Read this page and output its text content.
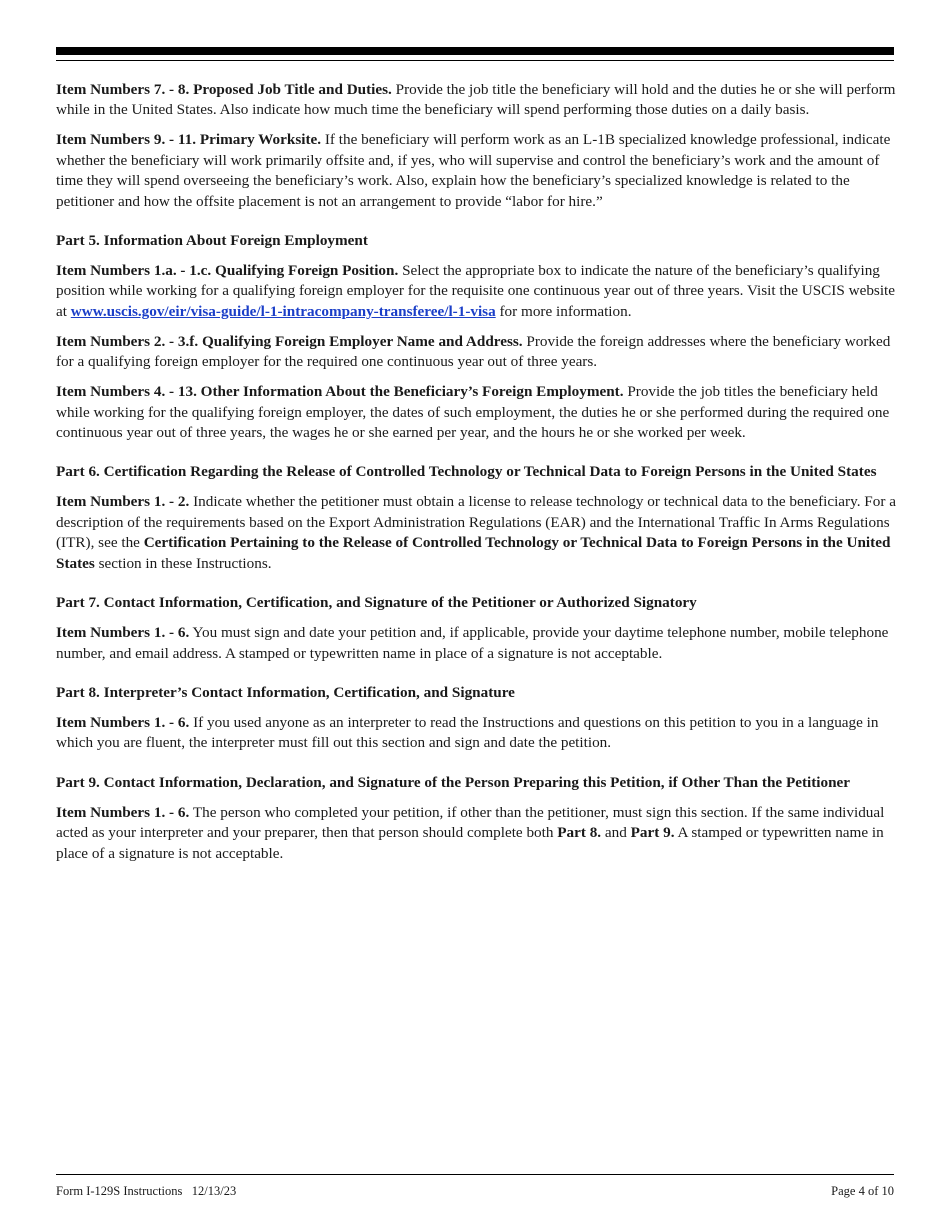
Item Numbers 7. - 8. Proposed Job Title and Duties. Provide the job title the beneficiary will hold and the duties he or she will perform while in the United States. Also indicate how much time the beneficiary will spend performing those duties on a daily basis.

Item Numbers 9. - 11. Primary Worksite. If the beneficiary will perform work as an L-1B specialized knowledge professional, indicate whether the beneficiary will work primarily offsite and, if yes, who will supervise and control the beneficiary’s work and the amount of time they will spend overseeing the beneficiary’s work. Also, explain how the beneficiary’s specialized knowledge is related to the petitioner and how the offsite placement is not an arrangement to provide “labor for hire.”

Part 5. Information About Foreign Employment

Item Numbers 1.a. - 1.c. Qualifying Foreign Position. Select the appropriate box to indicate the nature of the beneficiary’s qualifying position while working for a qualifying foreign employer for the requisite one continuous year out of three years. Visit the USCIS website at www.uscis.gov/eir/visa-guide/l-1-intracompany-transferee/l-1-visa for more information.

Item Numbers 2. - 3.f. Qualifying Foreign Employer Name and Address. Provide the foreign addresses where the beneficiary worked for a qualifying foreign employer for the required one continuous year out of three years.

Item Numbers 4. - 13. Other Information About the Beneficiary’s Foreign Employment. Provide the job titles the beneficiary held while working for the qualifying foreign employer, the dates of such employment, the duties he or she performed during the required one continuous year out of three years, the wages he or she earned per year, and the hours he or she worked per week.

Part 6. Certification Regarding the Release of Controlled Technology or Technical Data to Foreign Persons in the United States

Item Numbers 1. - 2. Indicate whether the petitioner must obtain a license to release technology or technical data to the beneficiary. For a description of the requirements based on the Export Administration Regulations (EAR) and the International Traffic In Arms Regulations (ITR), see the Certification Pertaining to the Release of Controlled Technology or Technical Data to Foreign Persons in the United States section in these Instructions.

Part 7. Contact Information, Certification, and Signature of the Petitioner or Authorized Signatory

Item Numbers 1. - 6. You must sign and date your petition and, if applicable, provide your daytime telephone number, mobile telephone number, and email address. A stamped or typewritten name in place of a signature is not acceptable.

Part 8. Interpreter’s Contact Information, Certification, and Signature

Item Numbers 1. - 6. If you used anyone as an interpreter to read the Instructions and questions on this petition to you in a language in which you are fluent, the interpreter must fill out this section and sign and date the petition.

Part 9. Contact Information, Declaration, and Signature of the Person Preparing this Petition, if Other Than the Petitioner

Item Numbers 1. - 6. The person who completed your petition, if other than the petitioner, must sign this section. If the same individual acted as your interpreter and your preparer, then that person should complete both Part 8. and Part 9. A stamped or typewritten name in place of a signature is not acceptable.

Form I-129S Instructions   12/13/23	Page 4 of 10
